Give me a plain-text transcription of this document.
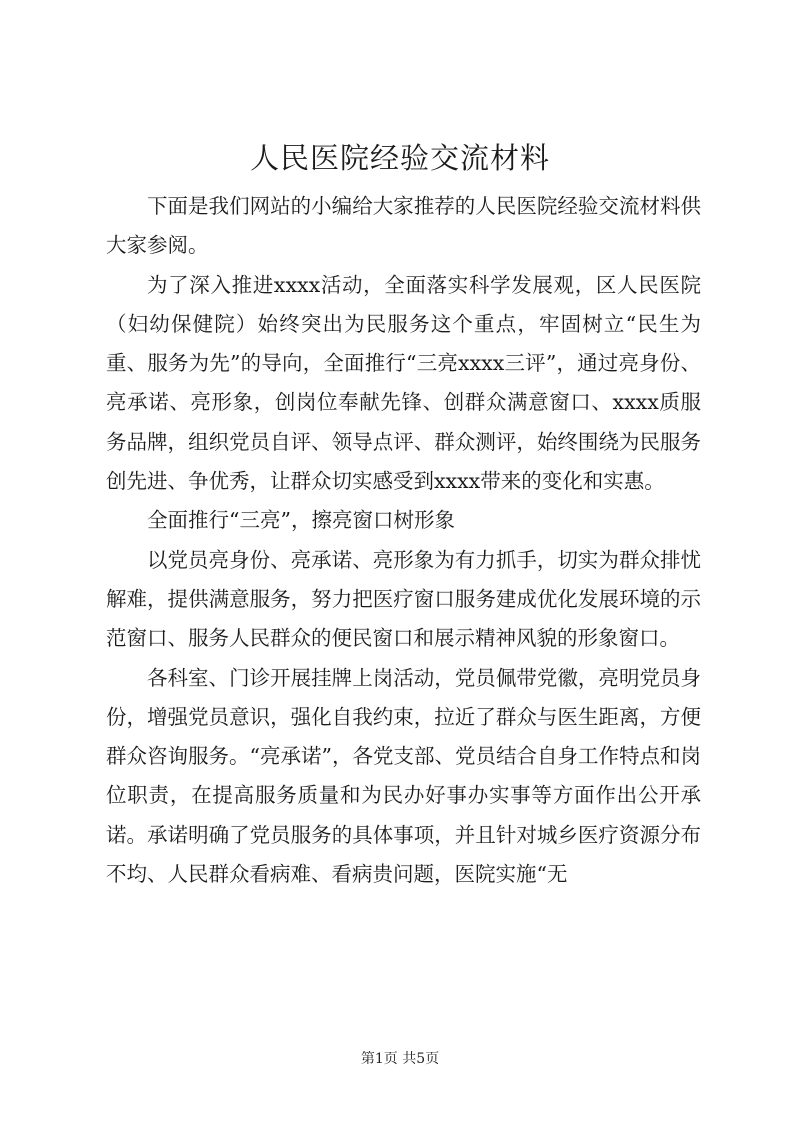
人民医院经验交流材料

下面是我们网站的小编给大家推荐的人民医院经验交流材料供大家参阅。

为了深入推进xxxx活动，全面落实科学发展观，区人民医院（妇幼保健院）始终突出为民服务这个重点，牢固树立“民生为重、服务为先”的导向，全面推行“三亮xxxx三评”，通过亮身份、亮承诺、亮形象，创岗位奉献先锋、创群众满意窗口、xxxx质服务品牌，组织党员自评、领导点评、群众测评，始终围绕为民服务创先进、争优秀，让群众切实感受到xxxx带来的变化和实惠。

全面推行“三亮”，擦亮窗口树形象

以党员亮身份、亮承诺、亮形象为有力抓手，切实为群众排忧解难，提供满意服务，努力把医疗窗口服务建成优化发展环境的示范窗口、服务人民群众的便民窗口和展示精神风貌的形象窗口。

各科室、门诊开展挂牌上岗活动，党员佩带党徽，亮明党员身份，增强党员意识，强化自我约束，拉近了群众与医生距离，方便群众咨询服务。“亮承诺”，各党支部、党员结合自身工作特点和岗位职责，在提高服务质量和为民办好事办实事等方面作出公开承诺。承诺明确了党员服务的具体事项，并且针对城乡医疗资源分布不均、人民群众看病难、看病贵问题，医院实施“无

第1页 共5页
